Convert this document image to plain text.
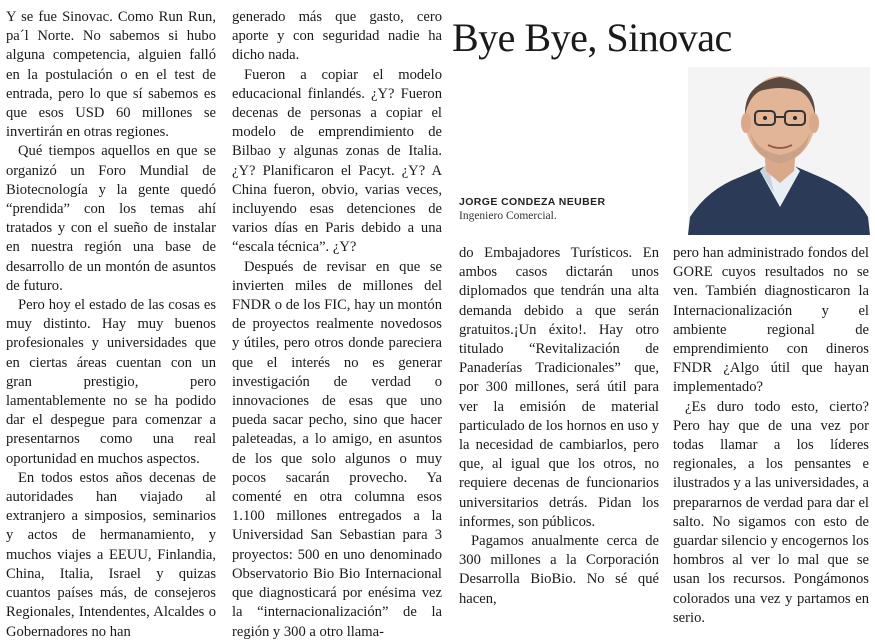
Bye Bye, Sinovac
JORGE CONDEZA NEUBER
Ingeniero Comercial.

Y se fue Sinovac. Como Run Run, pa´l Norte. No sabemos si hubo alguna competencia, alguien falló en la postulación o en el test de entrada, pero lo que sí sabemos es que esos USD 60 millones se invertirán en otras regiones.

Qué tiempos aquellos en que se organizó un Foro Mundial de Biotecnología y la gente quedó “prendida” con los temas ahí tratados y con el sueño de instalar en nuestra región una base de desarrollo de un montón de asuntos de futuro.

Pero hoy el estado de las cosas es muy distinto. Hay muy buenos profesionales y universidades que en ciertas áreas cuentan con un gran prestigio, pero lamentablemente no se ha podido dar el despegue para comenzar a presentarnos como una real oportunidad en muchos aspectos.

En todos estos años decenas de autoridades han viajado al extranjero a simposios, seminarios y actos de hermanamiento, y muchos viajes a EEUU, Finlandia, China, Italia, Israel y quizas cuantos países más, de consejeros Regionales, Intendentes, Alcaldes o Gobernadores no han

generado más que gasto, cero aporte y con seguridad nadie ha dicho nada.

Fueron a copiar el modelo educacional finlandés. ¿Y? Fueron decenas de personas a copiar el modelo de emprendimiento de Bilbao y algunas zonas de Italia. ¿Y? Planificaron el Pacyt. ¿Y? A China fueron, obvio, varias veces, incluyendo esas detenciones de varios días en Paris debido a una “escala técnica”. ¿Y?

Después de revisar en que se invierten miles de millones del FNDR o de los FIC, hay un montón de proyectos realmente novedosos y útiles, pero otros donde pareciera que el interés no es generar investigación de verdad o innovaciones de esas que uno pueda sacar pecho, sino que hacer paleteadas, a lo amigo, en asuntos de los que solo algunos o muy pocos sacarán provecho. Ya comenté en otra columna esos 1.100 millones entregados a la Universidad San Sebastian para 3 proyectos: 500 en uno denominado Observatorio Bio Bio Internacional que diagnosticará por enésima vez la “internacionalización” de la región y 300 a otro llama-

do Embajadores Turísticos. En ambos casos dictarán unos diplomados que tendrán una alta demanda debido a que serán gratuitos.¡Un éxito!. Hay otro titulado “Revitalización de Panaderías Tradicionales” que, por 300 millones, será útil para ver la emisión de material particulado de los hornos en uso y la necesidad de cambiarlos, pero que, al igual que los otros, no requiere decenas de funcionarios universitarios detrás. Pidan los informes, son públicos.

Pagamos anualmente cerca de 300 millones a la Corporación Desarrolla BioBio. No sé qué hacen,

pero han administrado fondos del GORE cuyos resultados no se ven. También diagnosticaron la Internacionalización y el ambiente regional de emprendimiento con dineros FNDR ¿Algo útil que hayan implementado?

¿Es duro todo esto, cierto? Pero hay que de una vez por todas llamar a los líderes regionales, a los pensantes e ilustrados y a las universidades, a prepararnos de verdad para dar el salto. No sigamos con esto de guardar silencio y encogernos los hombros al ver lo mal que se usan los recursos. Pongámonos colorados una vez y partamos en serio.
